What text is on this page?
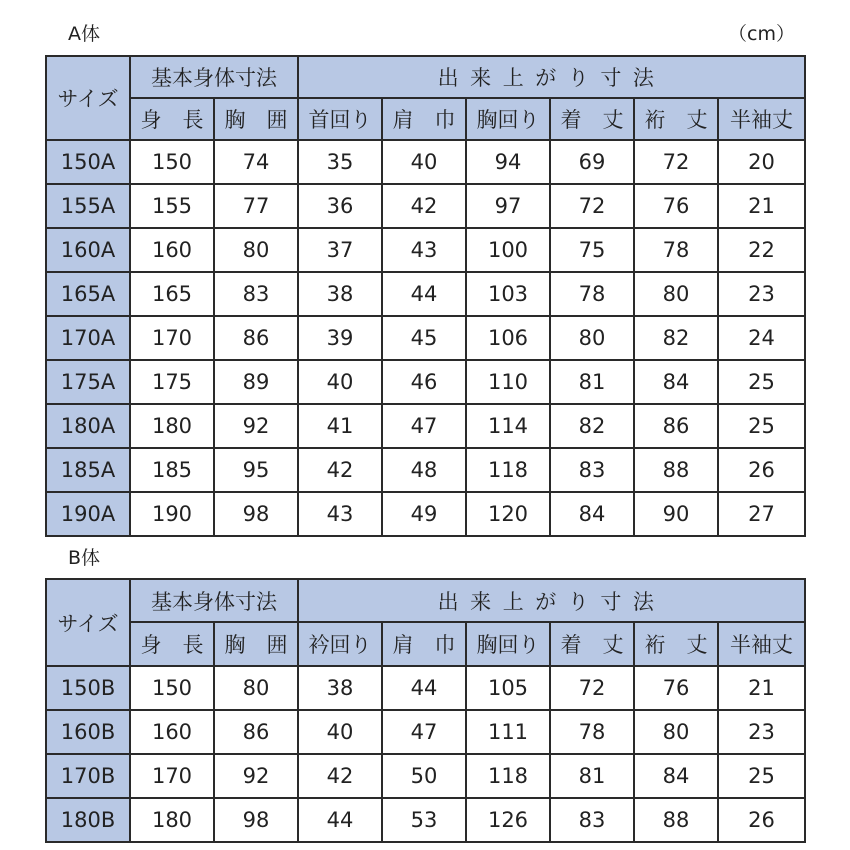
A体	（cm）
サイズ	基本身体寸法		出来上がり寸法					
	身　長	胸　囲	首回り	肩　巾	胸回り	着　丈	裄　丈	半袖丈
150A	150	74	35	40	94	69	72	20
155A	155	77	36	42	97	72	76	21
160A	160	80	37	43	100	75	78	22
165A	165	83	38	44	103	78	80	23
170A	170	86	39	45	106	80	82	24
175A	175	89	40	46	110	81	84	25
180A	180	92	41	47	114	82	86	25
185A	185	95	42	48	118	83	88	26
190A	190	98	43	49	120	84	90	27
B体
サイズ	基本身体寸法		出来上がり寸法					
	身　長	胸　囲	衿回り	肩　巾	胸回り	着　丈	裄　丈	半袖丈
150B	150	80	38	44	105	72	76	21
160B	160	86	40	47	111	78	80	23
170B	170	92	42	50	118	81	84	25
180B	180	98	44	53	126	83	88	26
